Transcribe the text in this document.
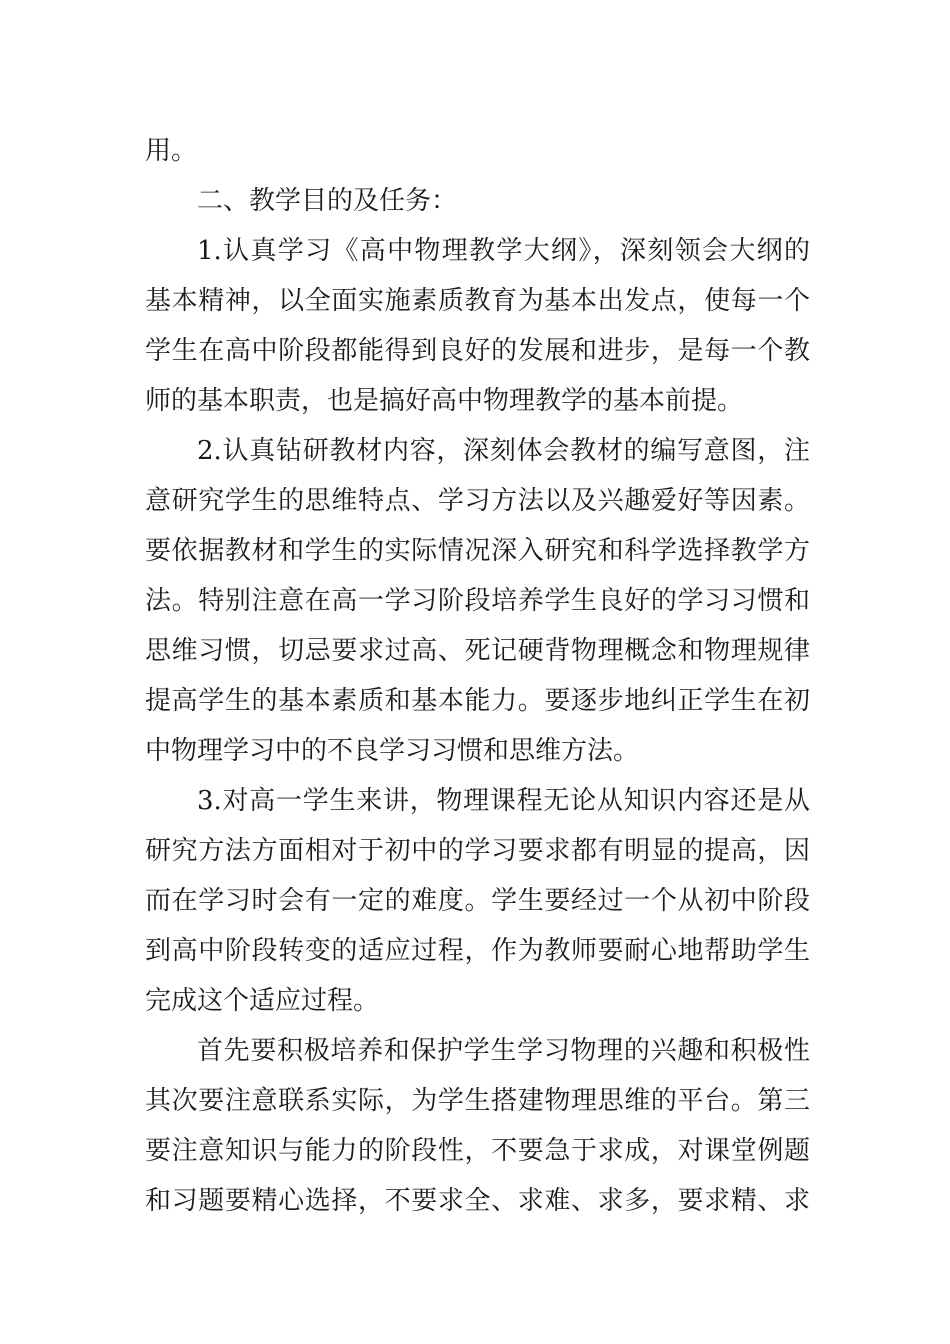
用。
二、教学目的及任务：
1.认真学习《高中物理教学大纲》，深刻领会大纲的
基本精神，以全面实施素质教育为基本出发点，使每一个
学生在高中阶段都能得到良好的发展和进步，是每一个教
师的基本职责，也是搞好高中物理教学的基本前提。
2.认真钻研教材内容，深刻体会教材的编写意图，注
意研究学生的思维特点、学习方法以及兴趣爱好等因素。
要依据教材和学生的实际情况深入研究和科学选择教学方
法。特别注意在高一学习阶段培养学生良好的学习习惯和
思维习惯，切忌要求过高、死记硬背物理概念和物理规律
提高学生的基本素质和基本能力。要逐步地纠正学生在初
中物理学习中的不良学习习惯和思维方法。
3.对高一学生来讲，物理课程无论从知识内容还是从
研究方法方面相对于初中的学习要求都有明显的提高，因
而在学习时会有一定的难度。学生要经过一个从初中阶段
到高中阶段转变的适应过程，作为教师要耐心地帮助学生
完成这个适应过程。
首先要积极培养和保护学生学习物理的兴趣和积极性
其次要注意联系实际，为学生搭建物理思维的平台。第三
要注意知识与能力的阶段性，不要急于求成，对课堂例题
和习题要精心选择，不要求全、求难、求多，要求精、求
